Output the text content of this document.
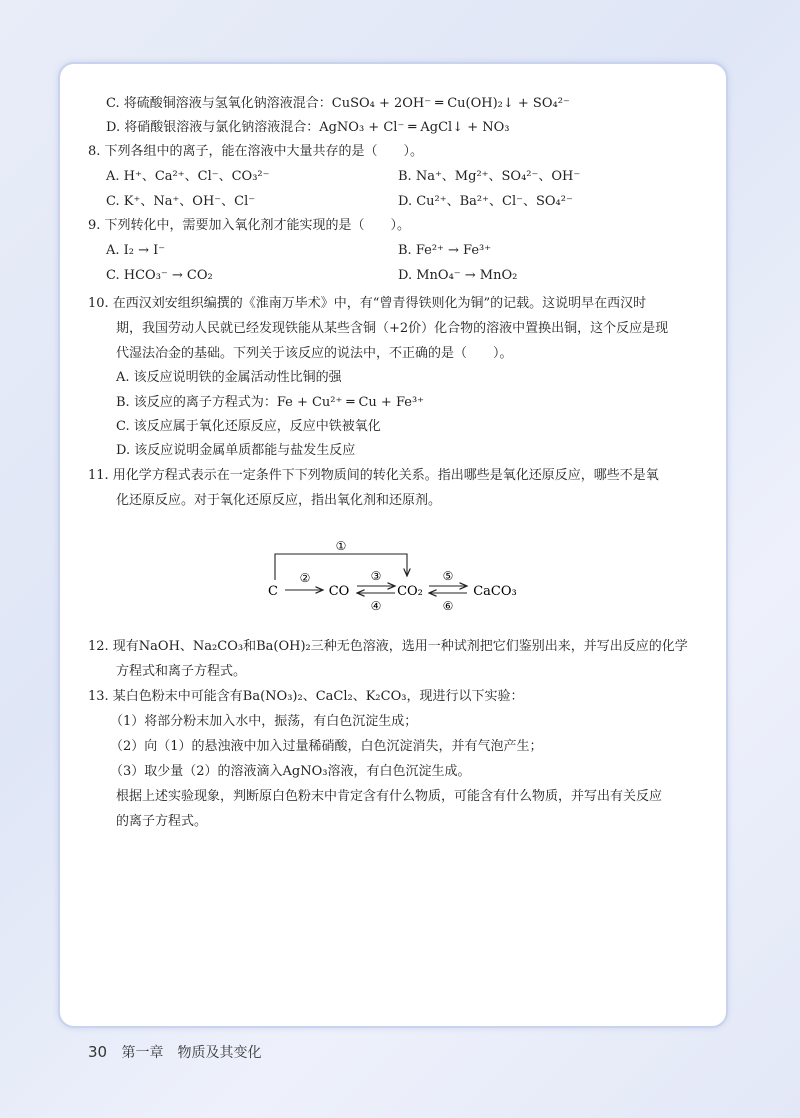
C. 将硫酸铜溶液与氢氧化钠溶液混合：CuSO₄ + 2OH⁻ ═ Cu(OH)₂↓ + SO₄²⁻
D. 将硝酸银溶液与氯化钠溶液混合：AgNO₃ + Cl⁻ ═ AgCl↓ + NO₃
8. 下列各组中的离子，能在溶液中大量共存的是（　　）。
A. H⁺、Ca²⁺、Cl⁻、CO₃²⁻	B. Na⁺、Mg²⁺、SO₄²⁻、OH⁻
C. K⁺、Na⁺、OH⁻、Cl⁻	D. Cu²⁺、Ba²⁺、Cl⁻、SO₄²⁻
9. 下列转化中，需要加入氧化剂才能实现的是（　　）。
A. I₂ → I⁻	B. Fe²⁺ → Fe³⁺
C. HCO₃⁻ → CO₂	D. MnO₄⁻ → MnO₂
10. 在西汉刘安组织编撰的《淮南万毕术》中，有“曾青得铁则化为铜”的记载。这说明早在西汉时
期，我国劳动人民就已经发现铁能从某些含铜（+2价）化合物的溶液中置换出铜，这个反应是现
代湿法冶金的基础。下列关于该反应的说法中，不正确的是（　　）。
A. 该反应说明铁的金属活动性比铜的强
B. 该反应的离子方程式为：Fe + Cu²⁺ ═ Cu + Fe³⁺
C. 该反应属于氧化还原反应，反应中铁被氧化
D. 该反应说明金属单质都能与盐发生反应
11. 用化学方程式表示在一定条件下下列物质间的转化关系。指出哪些是氧化还原反应，哪些不是氧
化还原反应。对于氧化还原反应，指出氧化剂和还原剂。
①
C	CO	CO₂	CaCO₃
②	③
④
⑤
⑥
12. 现有NaOH、Na₂CO₃和Ba(OH)₂三种无色溶液，选用一种试剂把它们鉴别出来，并写出反应的化学
方程式和离子方程式。
13. 某白色粉末中可能含有Ba(NO₃)₂、CaCl₂、K₂CO₃，现进行以下实验：
（1）将部分粉末加入水中，振荡，有白色沉淀生成；
（2）向（1）的悬浊液中加入过量稀硝酸，白色沉淀消失，并有气泡产生；
（3）取少量（2）的溶液滴入AgNO₃溶液，有白色沉淀生成。
根据上述实验现象，判断原白色粉末中肯定含有什么物质，可能含有什么物质，并写出有关反应
的离子方程式。
30 第一章　物质及其变化
